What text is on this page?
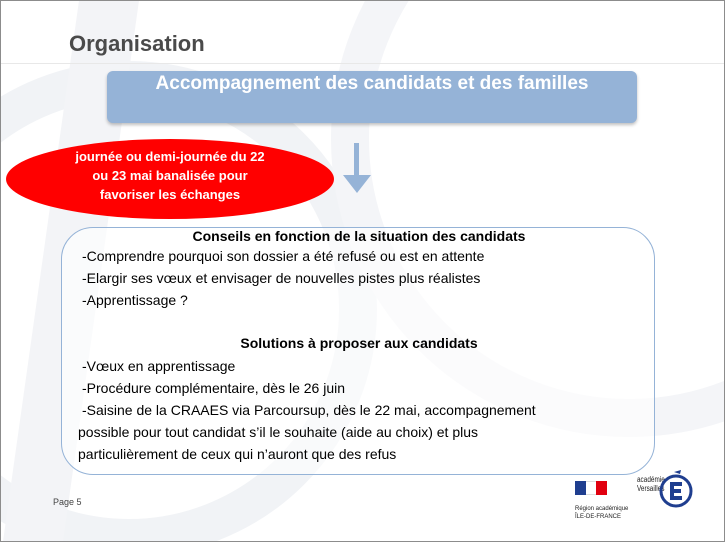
Organisation
Accompagnement des candidats et des familles
journée ou demi-journée du 22
ou 23 mai banalisée pour
favoriser les échanges
Conseils en fonction de la situation des candidats
-Comprendre pourquoi son dossier a été refusé ou est en attente
-Elargir ses vœux et envisager de nouvelles pistes plus réalistes
-Apprentissage ?
Solutions à proposer aux candidats
-Vœux en apprentissage
-Procédure complémentaire, dès le 26 juin
-Saisine de la CRAAES via Parcoursup, dès le 22 mai, accompagnement
possible pour tout candidat s’il le souhaite (aide au choix) et plus
particulièrement de ceux qui n’auront que des refus
Page 5
Région académique
ÎLE-DE-FRANCE
académie
Versailles
